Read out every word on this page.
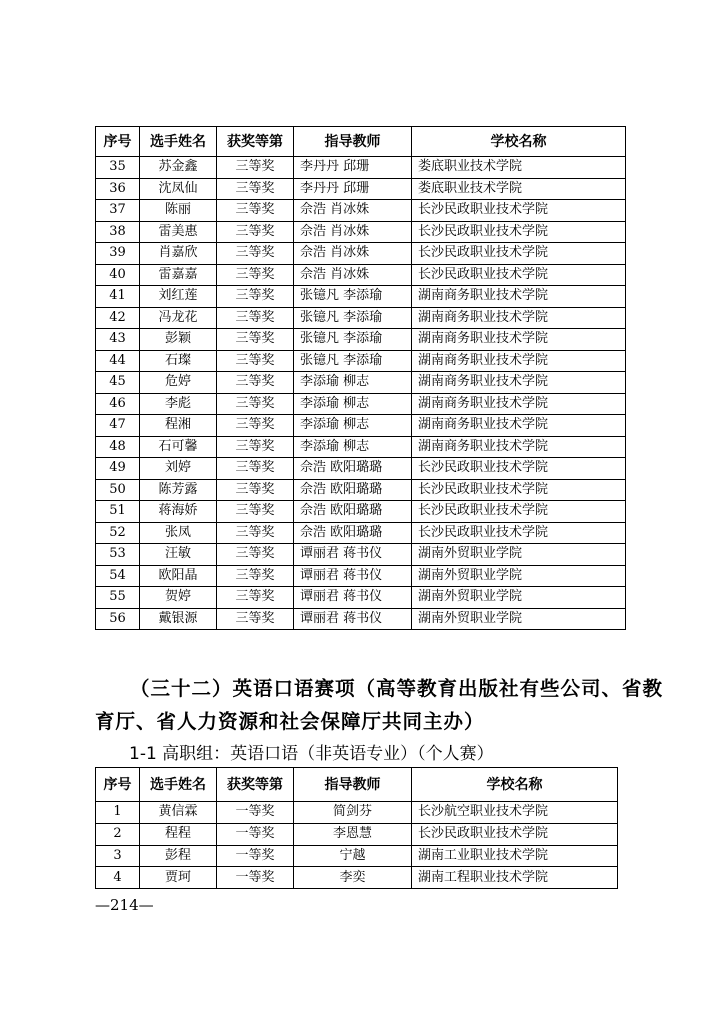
序号	选手姓名	获奖等第	指导教师	学校名称
35	苏金鑫	三等奖	李丹丹 邱珊	娄底职业技术学院
36	沈凤仙	三等奖	李丹丹 邱珊	娄底职业技术学院
37	陈丽	三等奖	佘浩 肖冰姝	长沙民政职业技术学院
38	雷美惠	三等奖	佘浩 肖冰姝	长沙民政职业技术学院
39	肖嘉欣	三等奖	佘浩 肖冰姝	长沙民政职业技术学院
40	雷嘉嘉	三等奖	佘浩 肖冰姝	长沙民政职业技术学院
41	刘红莲	三等奖	张镱凡 李添瑜	湖南商务职业技术学院
42	冯龙花	三等奖	张镱凡 李添瑜	湖南商务职业技术学院
43	彭颖	三等奖	张镱凡 李添瑜	湖南商务职业技术学院
44	石璨	三等奖	张镱凡 李添瑜	湖南商务职业技术学院
45	危婷	三等奖	李添瑜 柳志	湖南商务职业技术学院
46	李彪	三等奖	李添瑜 柳志	湖南商务职业技术学院
47	程湘	三等奖	李添瑜 柳志	湖南商务职业技术学院
48	石可馨	三等奖	李添瑜 柳志	湖南商务职业技术学院
49	刘婷	三等奖	佘浩 欧阳璐璐	长沙民政职业技术学院
50	陈芳露	三等奖	佘浩 欧阳璐璐	长沙民政职业技术学院
51	蒋海娇	三等奖	佘浩 欧阳璐璐	长沙民政职业技术学院
52	张凤	三等奖	佘浩 欧阳璐璐	长沙民政职业技术学院
53	汪敏	三等奖	谭丽君 蒋书仪	湖南外贸职业学院
54	欧阳晶	三等奖	谭丽君 蒋书仪	湖南外贸职业学院
55	贺婷	三等奖	谭丽君 蒋书仪	湖南外贸职业学院
56	戴银源	三等奖	谭丽君 蒋书仪	湖南外贸职业学院
（三十二）英语口语赛项（高等教育出版社有些公司、省教
育厅、省人力资源和社会保障厅共同主办）
1-1 高职组：英语口语（非英语专业）（个人赛）
序号	选手姓名	获奖等第	指导教师	学校名称
1	黄信霖	一等奖	简剑芬	长沙航空职业技术学院
2	程程	一等奖	李恩慧	长沙民政职业技术学院
3	彭程	一等奖	宁越	湖南工业职业技术学院
4	贾珂	一等奖	李奕	湖南工程职业技术学院
—214—
